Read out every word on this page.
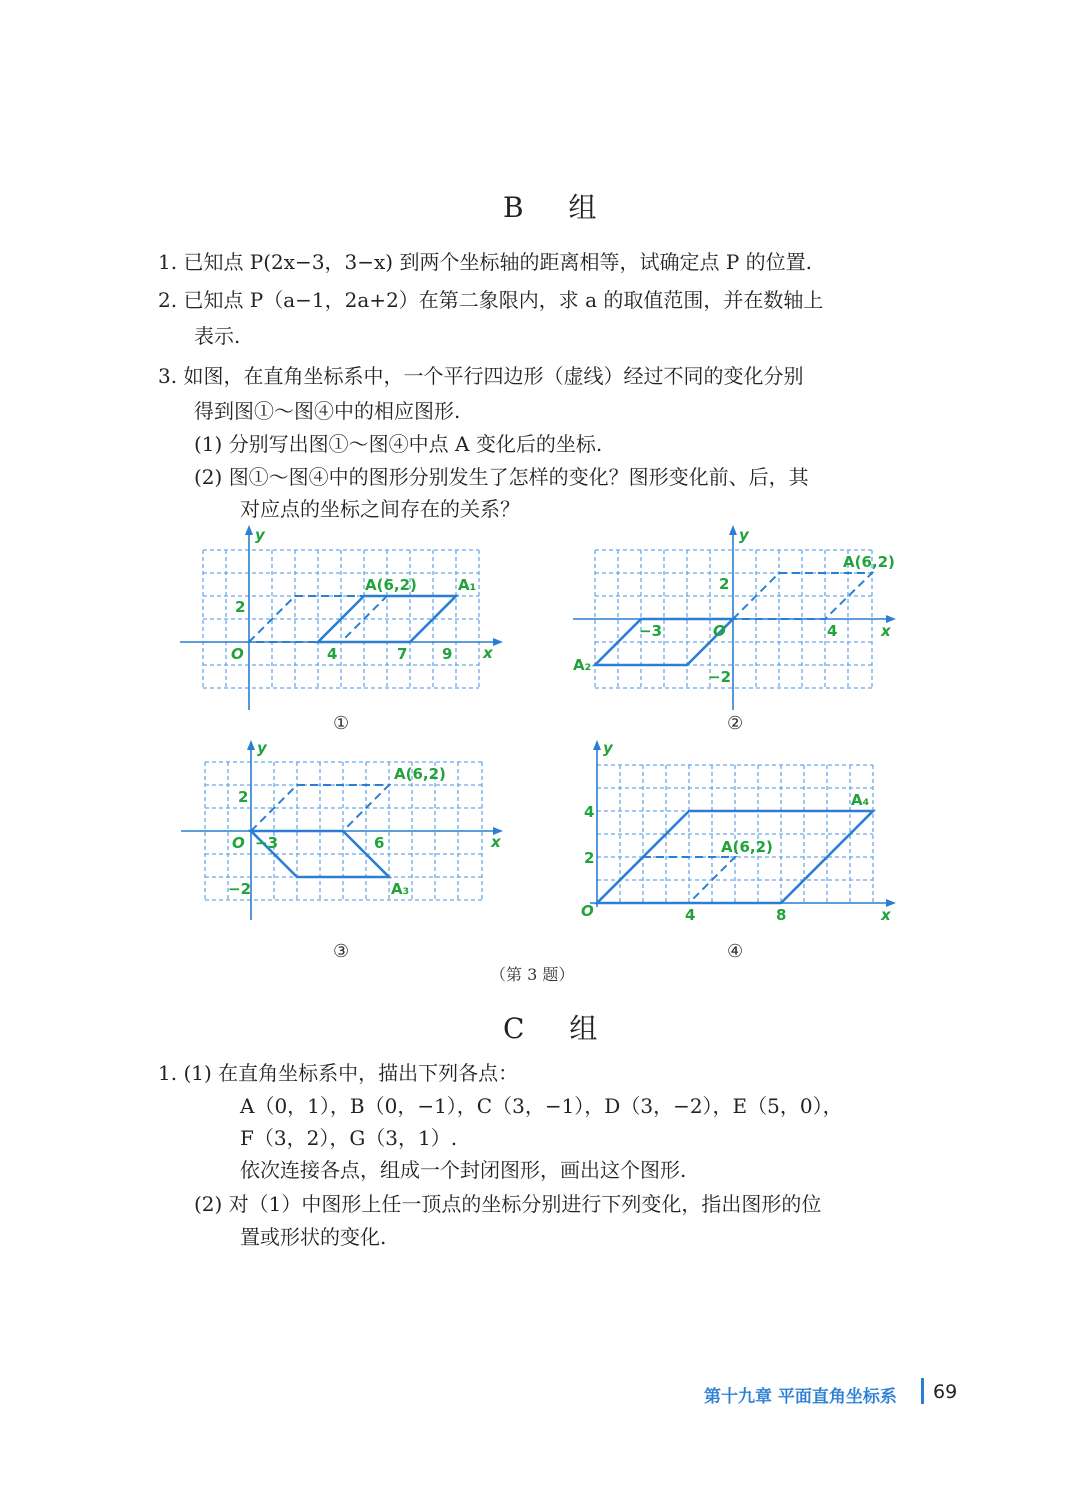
B 组
1. 已知点 P(2x−3，3−x) 到两个坐标轴的距离相等，试确定点 P 的位置.
2. 已知点 P（a−1，2a+2）在第二象限内，求 a 的取值范围，并在数轴上
表示.
3. 如图，在直角坐标系中，一个平行四边形（虚线）经过不同的变化分别
得到图①～图④中的相应图形.
(1) 分别写出图①～图④中点 A 变化后的坐标.
(2) 图①～图④中的图形分别发生了怎样的变化？图形变化前、后，其
对应点的坐标之间存在的关系？
y
x
O
2
4	7 9
A(6,2)	A₁
①
y
x
O
2
−3	4
−2
A(6,2)
A₂
②
y
x
O
2
−3	6
−2
A(6,2)
A₃
③
y
x
O
4
2
4	8
A(6,2)
A₄
④
（第 3 题）
C 组
1. (1) 在直角坐标系中，描出下列各点：
A（0，1），B（0，−1），C（3，−1），D（3，−2），E（5，0），
F（3，2），G（3，1）.
依次连接各点，组成一个封闭图形，画出这个图形.
(2) 对（1）中图形上任一顶点的坐标分别进行下列变化，指出图形的位
置或形状的变化.
第十九章 平面直角坐标系 69
